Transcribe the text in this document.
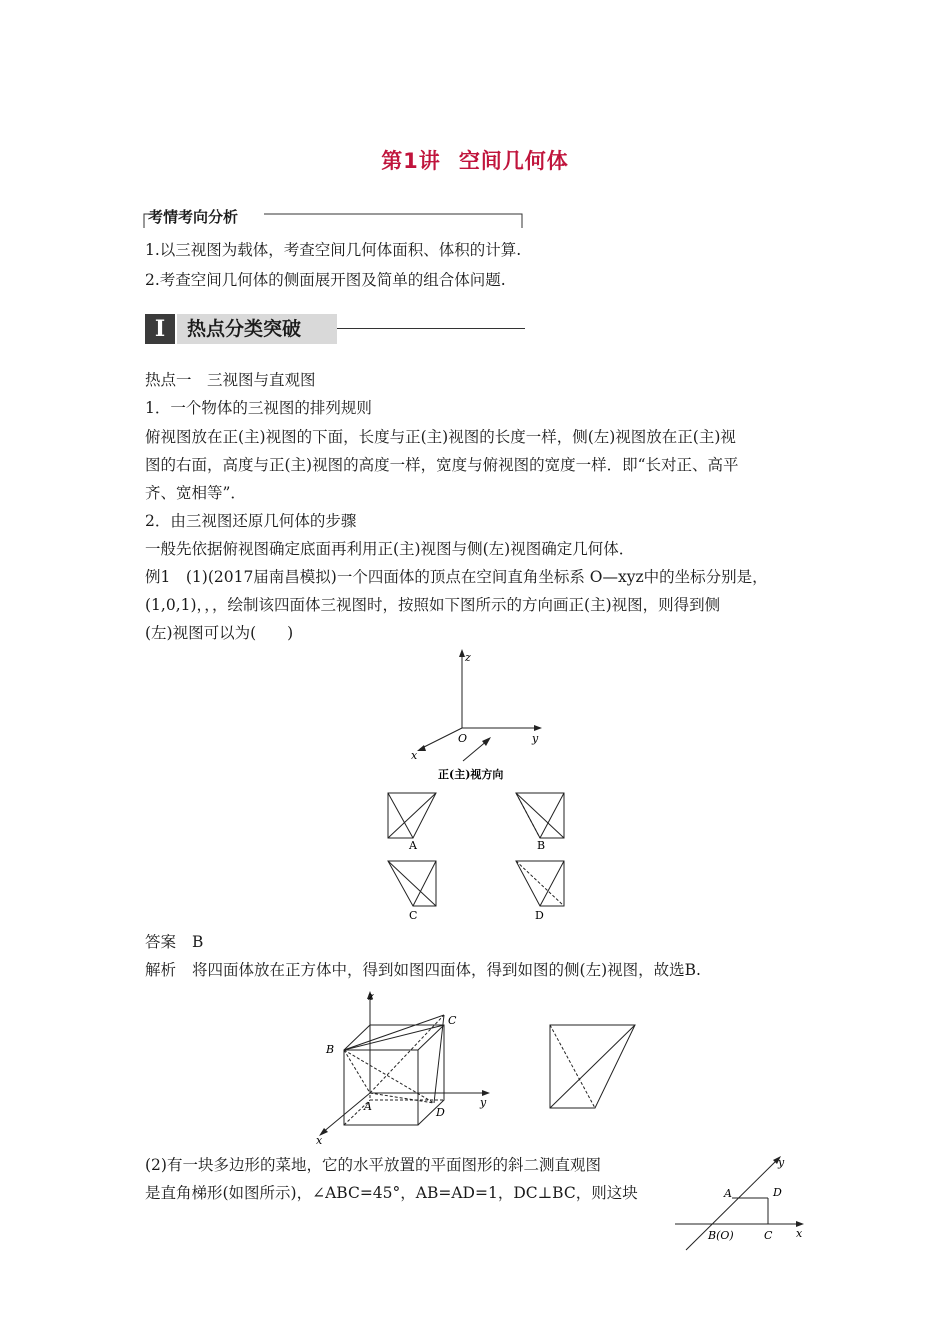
第1讲 空间几何体
考情考向分析
1.以三视图为载体，考查空间几何体面积、体积的计算.
2.考查空间几何体的侧面展开图及简单的组合体问题.
I	热点分类突破
热点一　三视图与直观图
1．一个物体的三视图的排列规则
俯视图放在正(主)视图的下面，长度与正(主)视图的长度一样，侧(左)视图放在正(主)视
图的右面，高度与正(主)视图的高度一样，宽度与俯视图的宽度一样．即“长对正、高平
齐、宽相等”．
2．由三视图还原几何体的步骤
一般先依据俯视图确定底面再利用正(主)视图与侧(左)视图确定几何体．
例1　(1)(2017届南昌模拟)一个四面体的顶点在空间直角坐标系 O—xyz中的坐标分别是，
(1,0,1)，，，绘制该四面体三视图时，按照如下图所示的方向画正(主)视图，则得到侧
(左)视图可以为(　　)
z
y
x
O
正(主)视方向
A	B
C	D
答案 B
解析 将四面体放在正方体中，得到如图四面体，得到如图的侧(左)视图，故选B.
z
y
x
A
B
C
D
(2)有一块多边形的菜地，它的水平放置的平面图形的斜二测直观图
是直角梯形(如图所示)，∠ABC=45°，AB=AD=1，DC⊥BC，则这块
y
x
A	D
B(O)	C
